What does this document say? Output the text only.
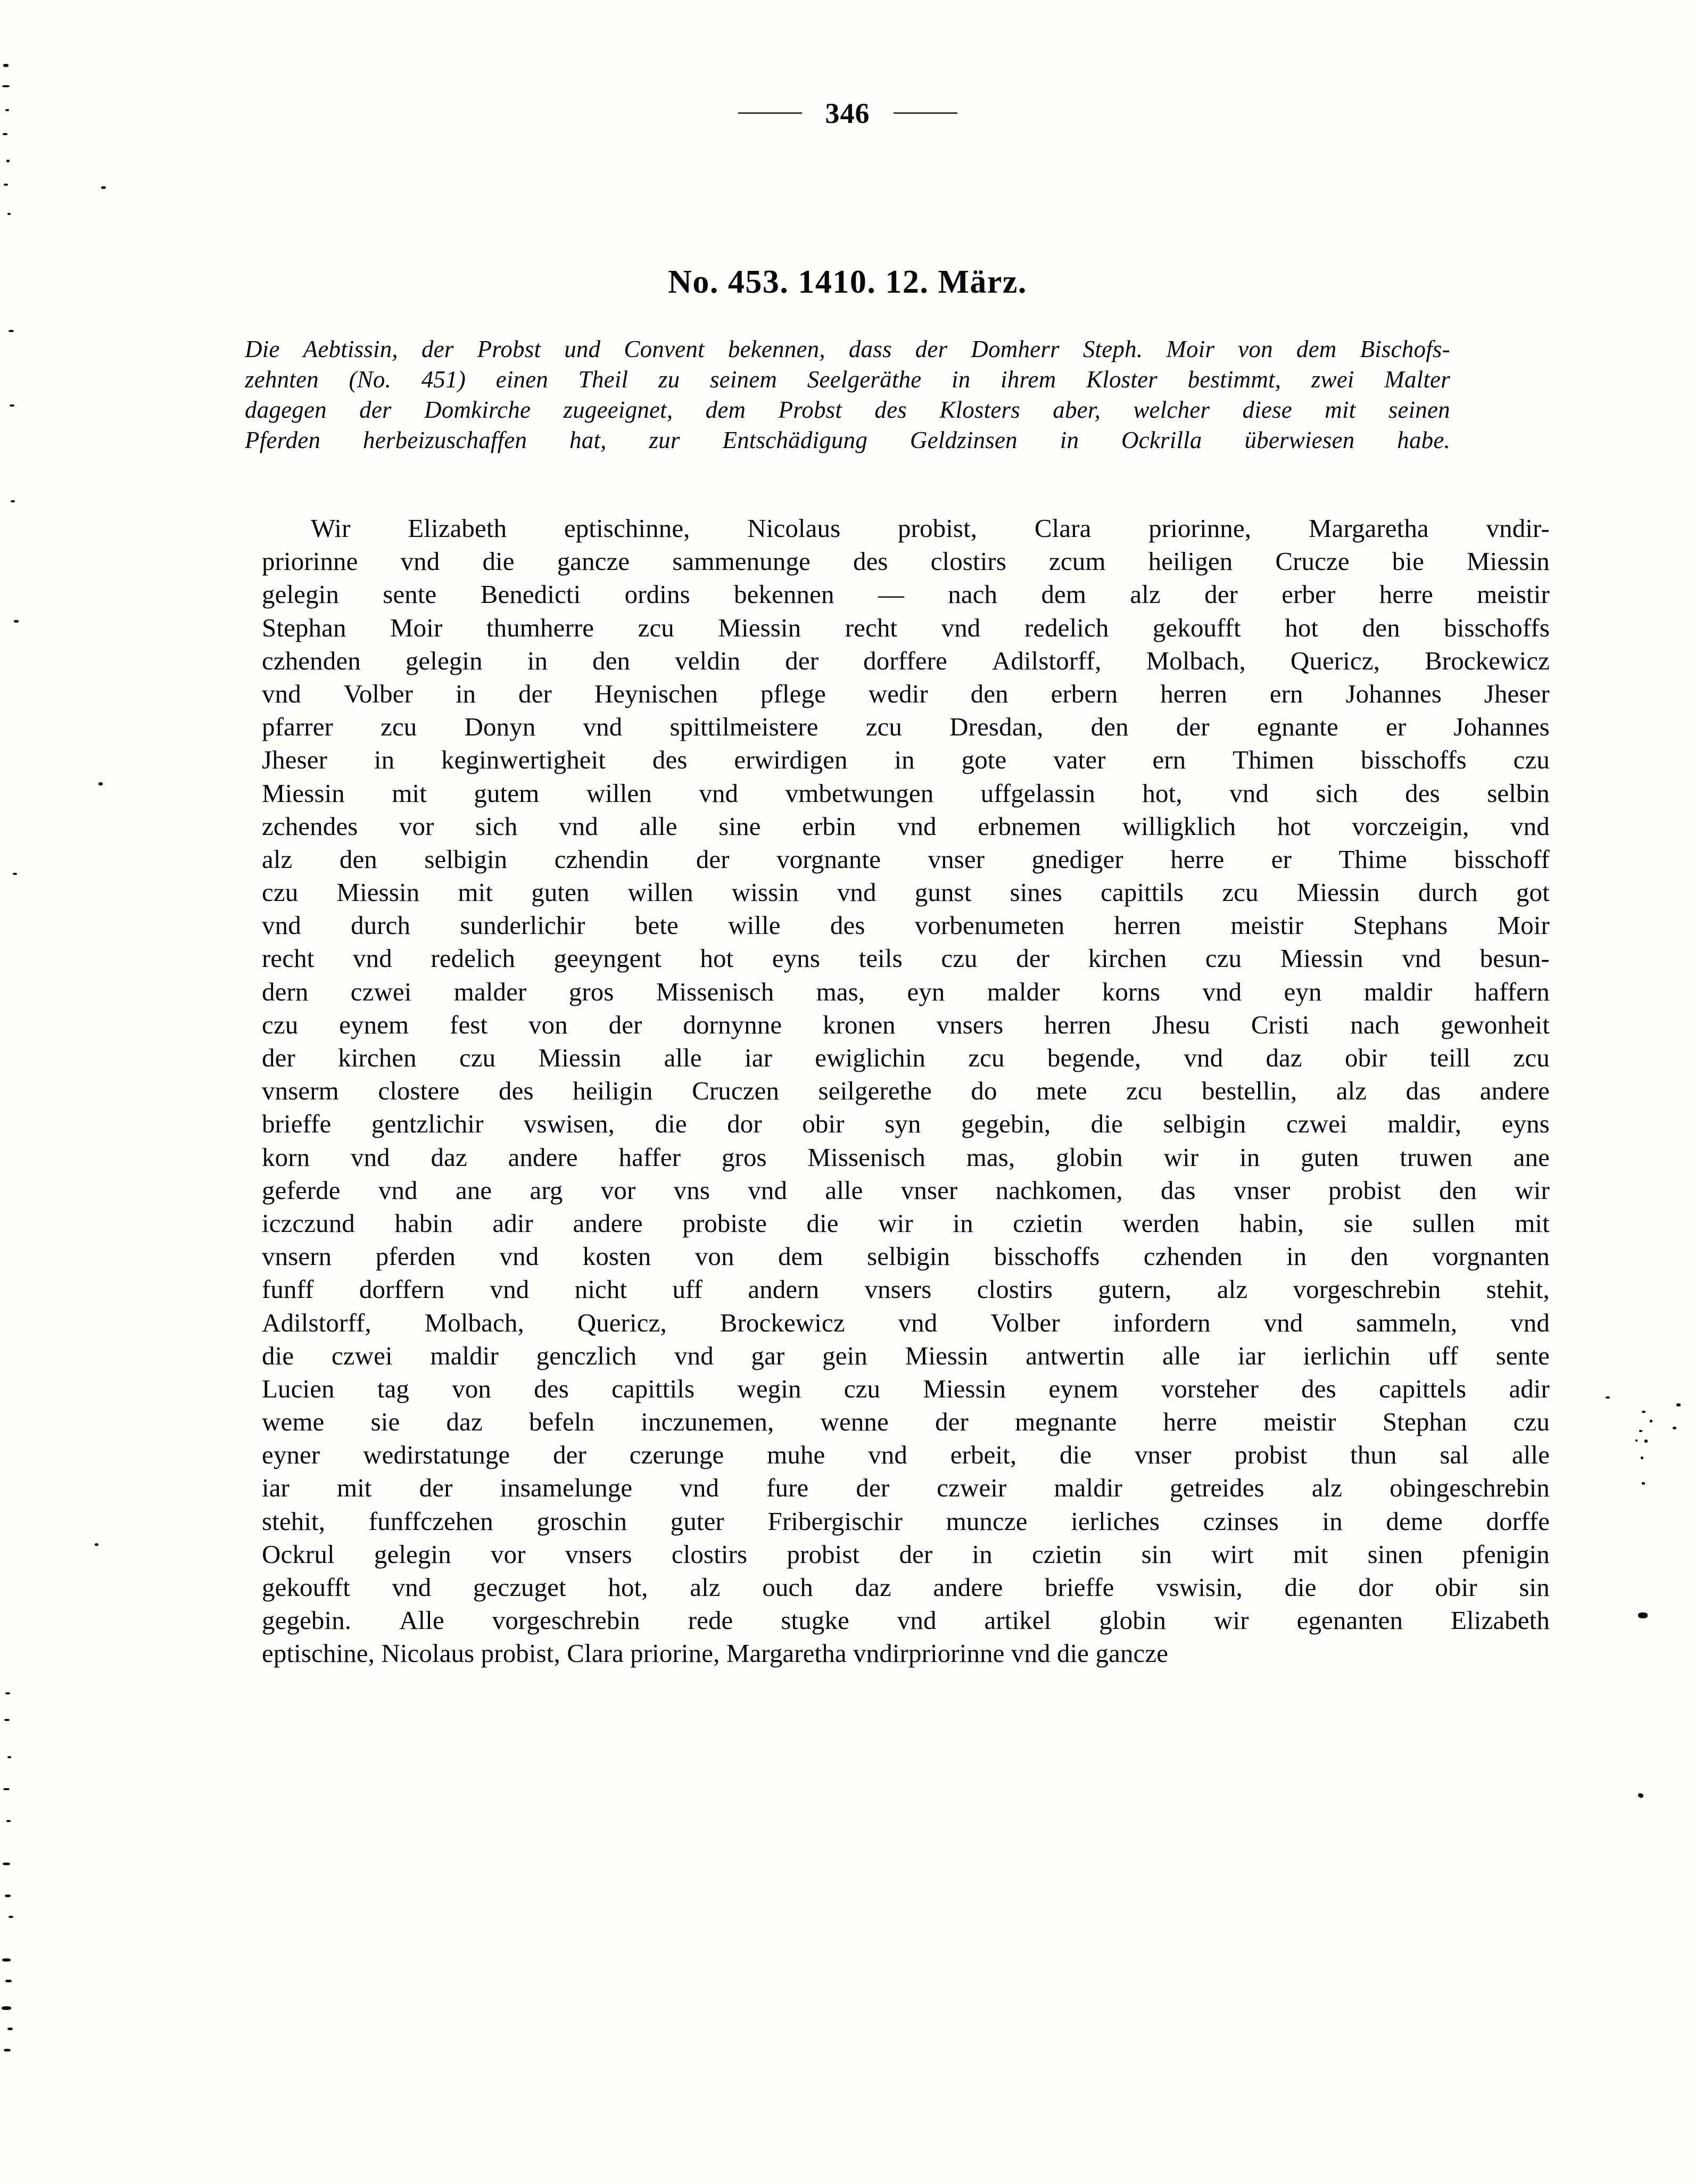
346
No. 453. 1410. 12. März.
Die Aebtissin, der Probst und Convent bekennen, dass der Domherr Steph. Moir von dem Bischofs-
zehnten (No. 451) einen Theil zu seinem Seelgeräthe in ihrem Kloster bestimmt, zwei Malter
dagegen der Domkirche zugeeignet, dem Probst des Klosters aber, welcher diese mit seinen
Pferden herbeizuschaffen hat, zur Entschädigung Geldzinsen in Ockrilla überwiesen habe.
Wir Elizabeth eptischinne, Nicolaus probist, Clara priorinne, Margaretha vndir-
priorinne vnd die gancze sammenunge des clostirs zcum heiligen Crucze bie Miessin
gelegin sente Benedicti ordins bekennen — nach dem alz der erber herre meistir
Stephan Moir thumherre zcu Miessin recht vnd redelich gekoufft hot den bisschoffs
czhenden gelegin in den veldin der dorffere Adilstorff, Molbach, Quericz, Brockewicz
vnd Volber in der Heynischen pflege wedir den erbern herren ern Johannes Jheser
pfarrer zcu Donyn vnd spittilmeistere zcu Dresdan, den der egnante er Johannes
Jheser in keginwertigheit des erwirdigen in gote vater ern Thimen bisschoffs czu
Miessin mit gutem willen vnd vmbetwungen uffgelassin hot, vnd sich des selbin
zchendes vor sich vnd alle sine erbin vnd erbnemen willigklich hot vorczeigin, vnd
alz den selbigin czhendin der vorgnante vnser gnediger herre er Thime bisschoff
czu Miessin mit guten willen wissin vnd gunst sines capittils zcu Miessin durch got
vnd durch sunderlichir bete wille des vorbenumeten herren meistir Stephans Moir
recht vnd redelich geeyngent hot eyns teils czu der kirchen czu Miessin vnd besun-
dern czwei malder gros Missenisch mas, eyn malder korns vnd eyn maldir haffern
czu eynem fest von der dornynne kronen vnsers herren Jhesu Cristi nach gewonheit
der kirchen czu Miessin alle iar ewiglichin zcu begende, vnd daz obir teill zcu
vnserm clostere des heiligin Cruczen seilgerethe do mete zcu bestellin, alz das andere
brieffe gentzlichir vswisen, die dor obir syn gegebin, die selbigin czwei maldir, eyns
korn vnd daz andere haffer gros Missenisch mas, globin wir in guten truwen ane
geferde vnd ane arg vor vns vnd alle vnser nachkomen, das vnser probist den wir
iczczund habin adir andere probiste die wir in czietin werden habin, sie sullen mit
vnsern pferden vnd kosten von dem selbigin bisschoffs czhenden in den vorgnanten
funff dorffern vnd nicht uff andern vnsers clostirs gutern, alz vorgeschrebin stehit,
Adilstorff, Molbach, Quericz, Brockewicz vnd Volber infordern vnd sammeln, vnd
die czwei maldir genczlich vnd gar gein Miessin antwertin alle iar ierlichin uff sente
Lucien tag von des capittils wegin czu Miessin eynem vorsteher des capittels adir
weme sie daz befeln inczunemen, wenne der megnante herre meistir Stephan czu
eyner wedirstatunge der czerunge muhe vnd erbeit, die vnser probist thun sal alle
iar mit der insamelunge vnd fure der czweir maldir getreides alz obingeschrebin
stehit, funffczehen groschin guter Fribergischir muncze ierliches czinses in deme dorffe
Ockrul gelegin vor vnsers clostirs probist der in czietin sin wirt mit sinen pfenigin
gekoufft vnd geczuget hot, alz ouch daz andere brieffe vswisin, die dor obir sin
gegebin. Alle vorgeschrebin rede stugke vnd artikel globin wir egenanten Elizabeth
eptischine, Nicolaus probist, Clara priorine, Margaretha vndirpriorinne vnd die gancze
